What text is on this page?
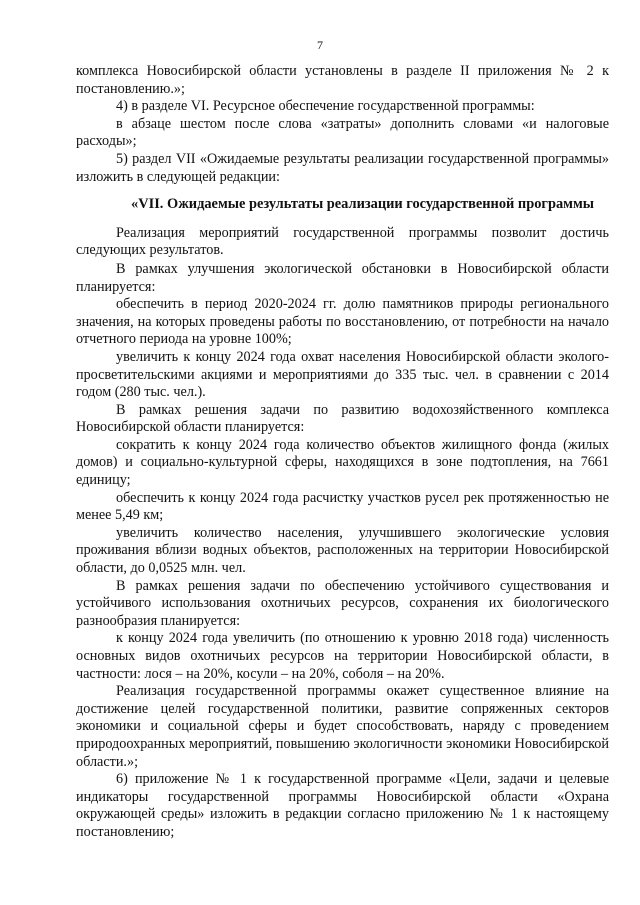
7

комплекса Новосибирской области установлены в разделе II приложения № 2 к постановлению.»;

4) в разделе VI. Ресурсное обеспечение государственной программы:

в абзаце шестом после слова «затраты» дополнить словами «и налоговые расходы»;

5) раздел VII «Ожидаемые результаты реализации государственной программы» изложить в следующей редакции:

«VII. Ожидаемые результаты реализации государственной программы

Реализация мероприятий государственной программы позволит достичь следующих результатов.

В рамках улучшения экологической обстановки в Новосибирской области планируется:

обеспечить в период 2020-2024 гг. долю памятников природы регионального значения, на которых проведены работы по восстановлению, от потребности на начало отчетного периода на уровне 100%;

увеличить к концу 2024 года охват населения Новосибирской области эколого-просветительскими акциями и мероприятиями до 335 тыс. чел. в сравнении с 2014 годом (280 тыс. чел.).

В рамках решения задачи по развитию водохозяйственного комплекса Новосибирской области планируется:

сократить к концу 2024 года количество объектов жилищного фонда (жилых домов) и социально-культурной сферы, находящихся в зоне подтопления, на 7661 единицу;

обеспечить к концу 2024 года расчистку участков русел рек протяженностью не менее 5,49 км;

увеличить количество населения, улучшившего экологические условия проживания вблизи водных объектов, расположенных на территории Новосибирской области, до 0,0525 млн. чел.

В рамках решения задачи по обеспечению устойчивого существования и устойчивого использования охотничьих ресурсов, сохранения их биологического разнообразия планируется:

к концу 2024 года увеличить (по отношению к уровню 2018 года) численность основных видов охотничьих ресурсов на территории Новосибирской области, в частности: лося – на 20%, косули – на 20%, соболя – на 20%.

Реализация государственной программы окажет существенное влияние на достижение целей государственной политики, развитие сопряженных секторов экономики и социальной сферы и будет способствовать, наряду с проведением природоохранных мероприятий, повышению экологичности экономики Новосибирской области.»;

6) приложение № 1 к государственной программе «Цели, задачи и целевые индикаторы государственной программы Новосибирской области «Охрана окружающей среды» изложить в редакции согласно приложению № 1 к настоящему постановлению;
